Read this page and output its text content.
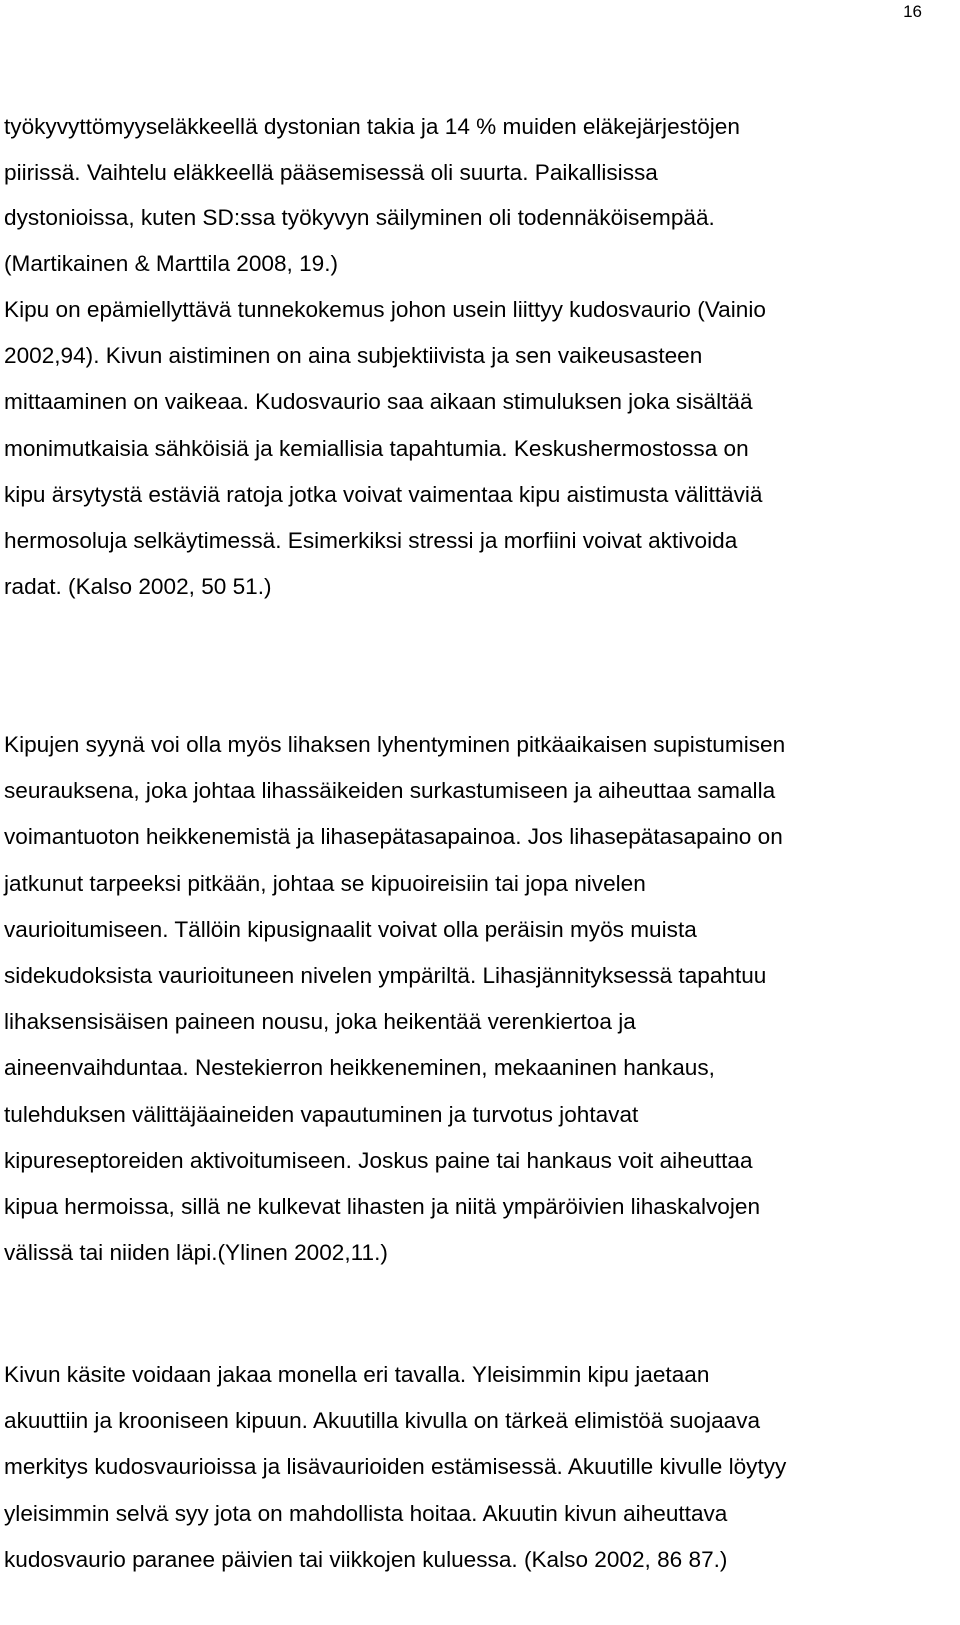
16
työkyvyttömyyseläkkeellä dystonian takia ja 14 % muiden eläkejärjestöjen
piirissä. Vaihtelu eläkkeellä pääsemisessä oli suurta. Paikallisissa
dystonioissa, kuten SD:ssa työkyvyn säilyminen oli todennäköisempää.
(Martikainen & Marttila 2008, 19.)
Kipu on epämiellyttävä tunnekokemus johon usein liittyy kudosvaurio (Vainio
2002,94). Kivun aistiminen on aina subjektiivista ja sen vaikeusasteen
mittaaminen on vaikeaa. Kudosvaurio saa aikaan stimuluksen joka sisältää
monimutkaisia sähköisiä ja kemiallisia tapahtumia. Keskushermostossa on
kipu ärsytystä estäviä ratoja jotka voivat vaimentaa kipu aistimusta välittäviä
hermosoluja selkäytimessä. Esimerkiksi stressi ja morfiini voivat aktivoida
radat. (Kalso 2002, 50 51.)
Kipujen syynä voi olla myös lihaksen lyhentyminen pitkäaikaisen supistumisen
seurauksena, joka johtaa lihassäikeiden surkastumiseen ja aiheuttaa samalla
voimantuoton heikkenemistä ja lihasepätasapainoa. Jos lihasepätasapaino on
jatkunut tarpeeksi pitkään, johtaa se kipuoireisiin tai jopa nivelen
vaurioitumiseen. Tällöin kipusignaalit voivat olla peräisin myös muista
sidekudoksista vaurioituneen nivelen ympäriltä. Lihasjännityksessä tapahtuu
lihaksensisäisen paineen nousu, joka heikentää verenkiertoa ja
aineenvaihduntaa. Nestekierron heikkeneminen, mekaaninen hankaus,
tulehduksen välittäjäaineiden vapautuminen ja turvotus johtavat
kipureseptoreiden aktivoitumiseen. Joskus paine tai hankaus voit aiheuttaa
kipua hermoissa, sillä ne kulkevat lihasten ja niitä ympäröivien lihaskalvojen
välissä tai niiden läpi.(Ylinen 2002,11.)
Kivun käsite voidaan jakaa monella eri tavalla. Yleisimmin kipu jaetaan
akuuttiin ja krooniseen kipuun. Akuutilla kivulla on tärkeä elimistöä suojaava
merkitys kudosvaurioissa ja lisävaurioiden estämisessä. Akuutille kivulle löytyy
yleisimmin selvä syy jota on mahdollista hoitaa. Akuutin kivun aiheuttava
kudosvaurio paranee päivien tai viikkojen kuluessa. (Kalso 2002, 86 87.)
